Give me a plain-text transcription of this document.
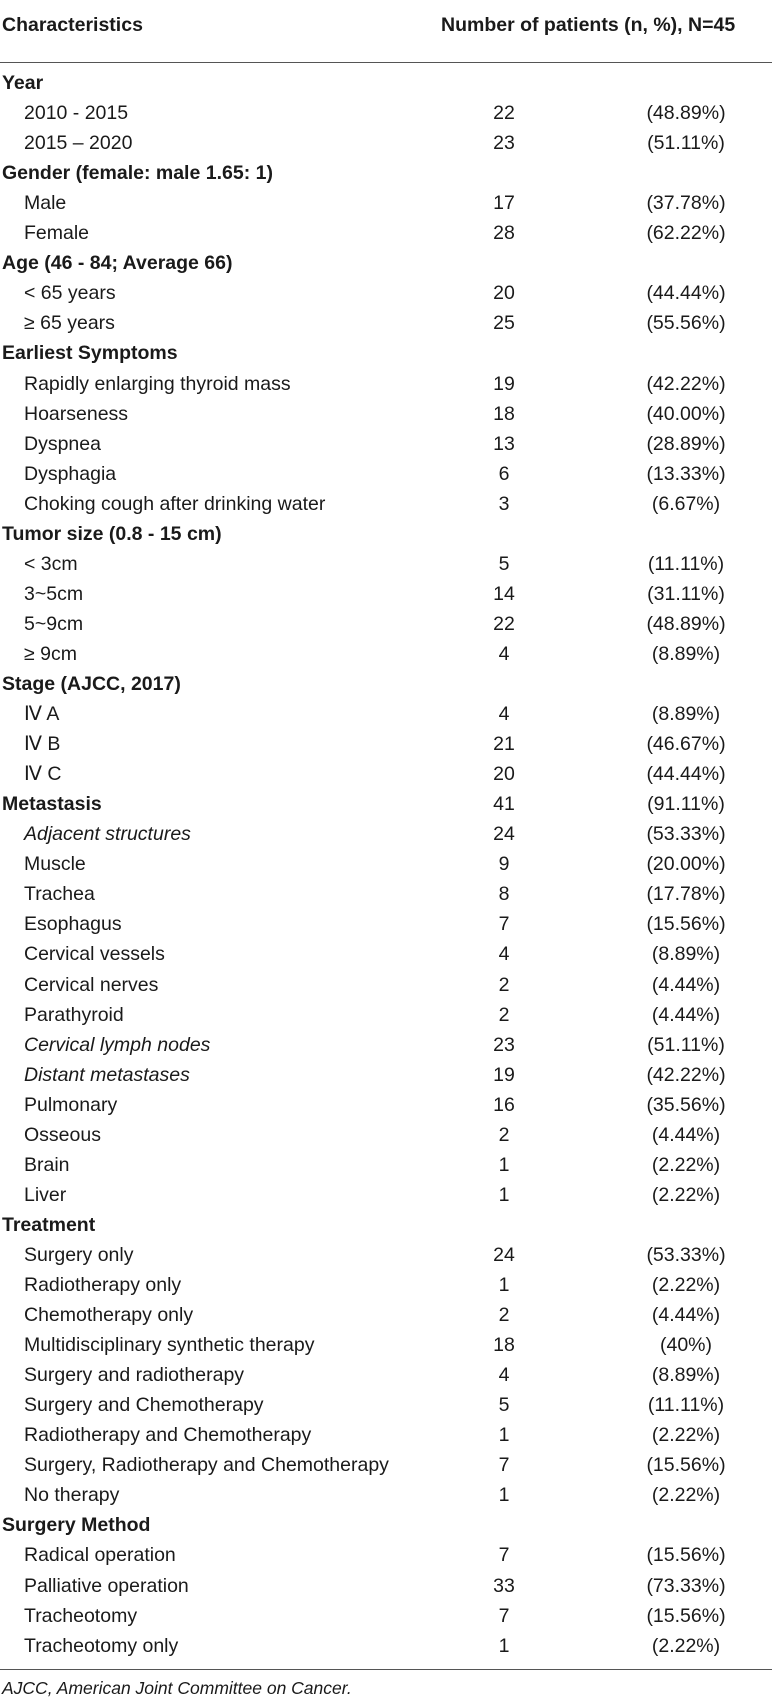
Characteristics	Number of patients (n, %), N=45
Year
2010 - 2015	22	(48.89%)
2015 – 2020	23	(51.11%)
Gender (female: male 1.65: 1)
Male	17	(37.78%)
Female	28	(62.22%)
Age (46 - 84; Average 66)
< 65 years	20	(44.44%)
≥ 65 years	25	(55.56%)
Earliest Symptoms
Rapidly enlarging thyroid mass	19	(42.22%)
Hoarseness	18	(40.00%)
Dyspnea	13	(28.89%)
Dysphagia	6	(13.33%)
Choking cough after drinking water	3	(6.67%)
Tumor size (0.8 - 15 cm)
< 3cm	5	(11.11%)
3~5cm	14	(31.11%)
5~9cm	22	(48.89%)
≥ 9cm	4	(8.89%)
Stage (AJCC, 2017)
Ⅳ A	4	(8.89%)
Ⅳ B	21	(46.67%)
Ⅳ C	20	(44.44%)
Metastasis	41	(91.11%)
Adjacent structures	24	(53.33%)
Muscle	9	(20.00%)
Trachea	8	(17.78%)
Esophagus	7	(15.56%)
Cervical vessels	4	(8.89%)
Cervical nerves	2	(4.44%)
Parathyroid	2	(4.44%)
Cervical lymph nodes	23	(51.11%)
Distant metastases	19	(42.22%)
Pulmonary	16	(35.56%)
Osseous	2	(4.44%)
Brain	1	(2.22%)
Liver	1	(2.22%)
Treatment
Surgery only	24	(53.33%)
Radiotherapy only	1	(2.22%)
Chemotherapy only	2	(4.44%)
Multidisciplinary synthetic therapy	18	(40%)
Surgery and radiotherapy	4	(8.89%)
Surgery and Chemotherapy	5	(11.11%)
Radiotherapy and Chemotherapy	1	(2.22%)
Surgery, Radiotherapy and Chemotherapy	7	(15.56%)
No therapy	1	(2.22%)
Surgery Method
Radical operation	7	(15.56%)
Palliative operation	33	(73.33%)
Tracheotomy	7	(15.56%)
Tracheotomy only	1	(2.22%)
AJCC, American Joint Committee on Cancer.
